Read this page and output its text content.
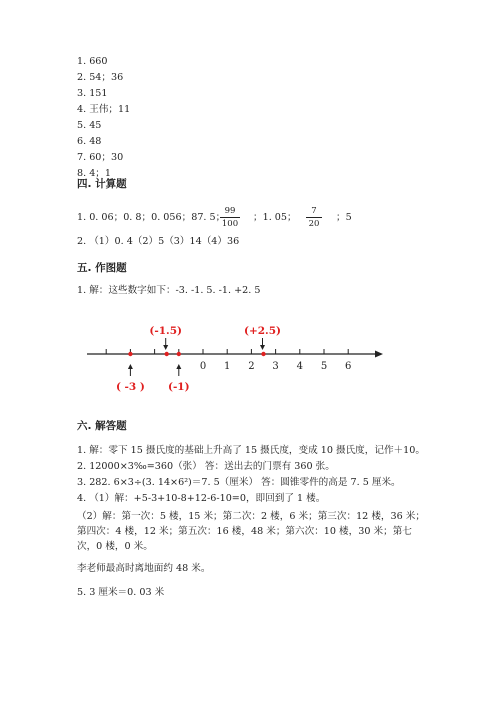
1. 660
2. 54；36
3. 151
4. 王伟；11
5. 45
6. 48
7. 60；30
8. 4；1
四. 计算题
1. 0. 06；0. 8；0. 056；87. 5；
99
100
；1. 05；
7
20
；5
2. （1）0. 4（2）5（3）14（4）36
五. 作图题
1. 解：这些数字如下：-3. -1. 5. -1. +2. 5
0 1 2 3 4 5 6
(-1.5)	(+2.5)
( -3 ) (-1)
六. 解答题
1. 解：零下 15 摄氏度的基础上升高了 15 摄氏度，变成 10 摄氏度，记作＋10。
2. 12000×3‰=360（张） 答：送出去的门票有 360 张。
3. 282. 6×3÷(3. 14×6²)＝7. 5（厘米） 答：圆锥零件的高是 7. 5 厘米。
4. （1）解：+5-3+10-8+12-6-10=0，即回到了 1 楼。
（2）解：第一次：5 楼，15 米；第二次：2 楼，6 米；第三次：12 楼，36 米；
第四次：4 楼，12 米；第五次：16 楼，48 米；第六次：10 楼，30 米；第七
次，0 楼，0 米。
李老师最高时离地面约 48 米。
5. 3 厘米＝0. 03 米
